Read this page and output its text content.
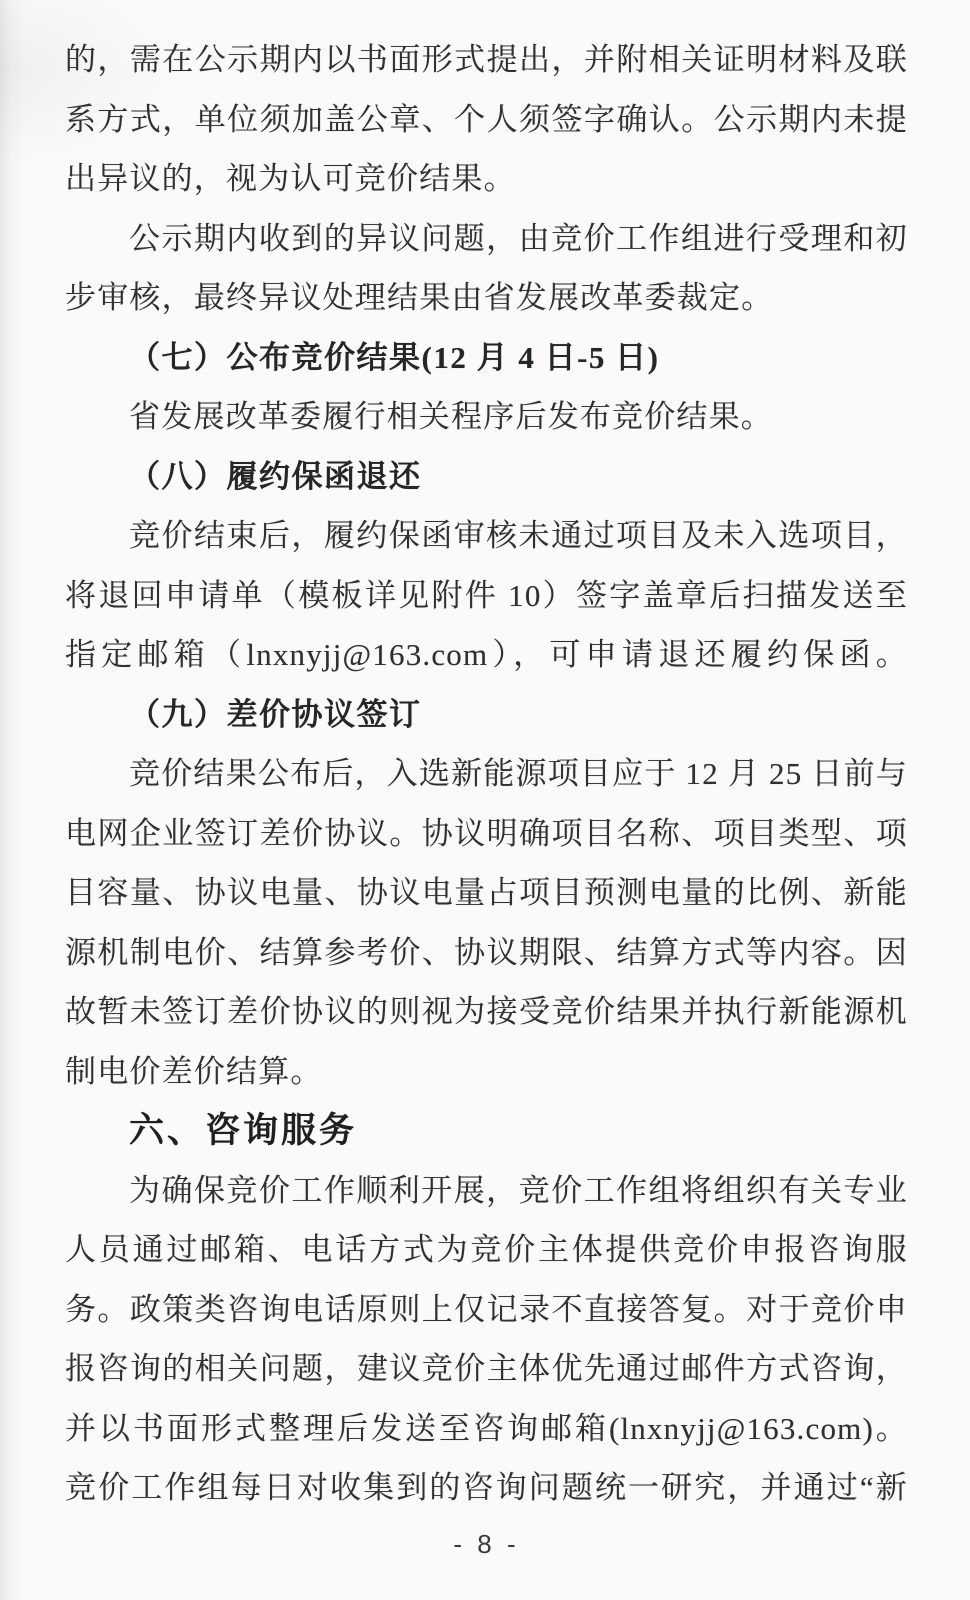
的，需在公示期内以书面形式提出，并附相关证明材料及联

系方式，单位须加盖公章、个人须签字确认。公示期内未提

出异议的，视为认可竞价结果。

公示期内收到的异议问题，由竞价工作组进行受理和初

步审核，最终异议处理结果由省发展改革委裁定。

（七）公布竞价结果(12 月 4 日-5 日)

省发展改革委履行相关程序后发布竞价结果。

（八）履约保函退还

竞价结束后，履约保函审核未通过项目及未入选项目，

将退回申请单（模板详见附件 10）签字盖章后扫描发送至

指定邮箱（lnxnyjj@163.com），可申请退还履约保函。

（九）差价协议签订

竞价结果公布后，入选新能源项目应于 12 月 25 日前与

电网企业签订差价协议。协议明确项目名称、项目类型、项

目容量、协议电量、协议电量占项目预测电量的比例、新能

源机制电价、结算参考价、协议期限、结算方式等内容。因

故暂未签订差价协议的则视为接受竞价结果并执行新能源机

制电价差价结算。

六、咨询服务

为确保竞价工作顺利开展，竞价工作组将组织有关专业

人员通过邮箱、电话方式为竞价主体提供竞价申报咨询服

务。政策类咨询电话原则上仅记录不直接答复。对于竞价申

报咨询的相关问题，建议竞价主体优先通过邮件方式咨询，

并以书面形式整理后发送至咨询邮箱(lnxnyjj@163.com)。

竞价工作组每日对收集到的咨询问题统一研究，并通过“新

- 8 -
